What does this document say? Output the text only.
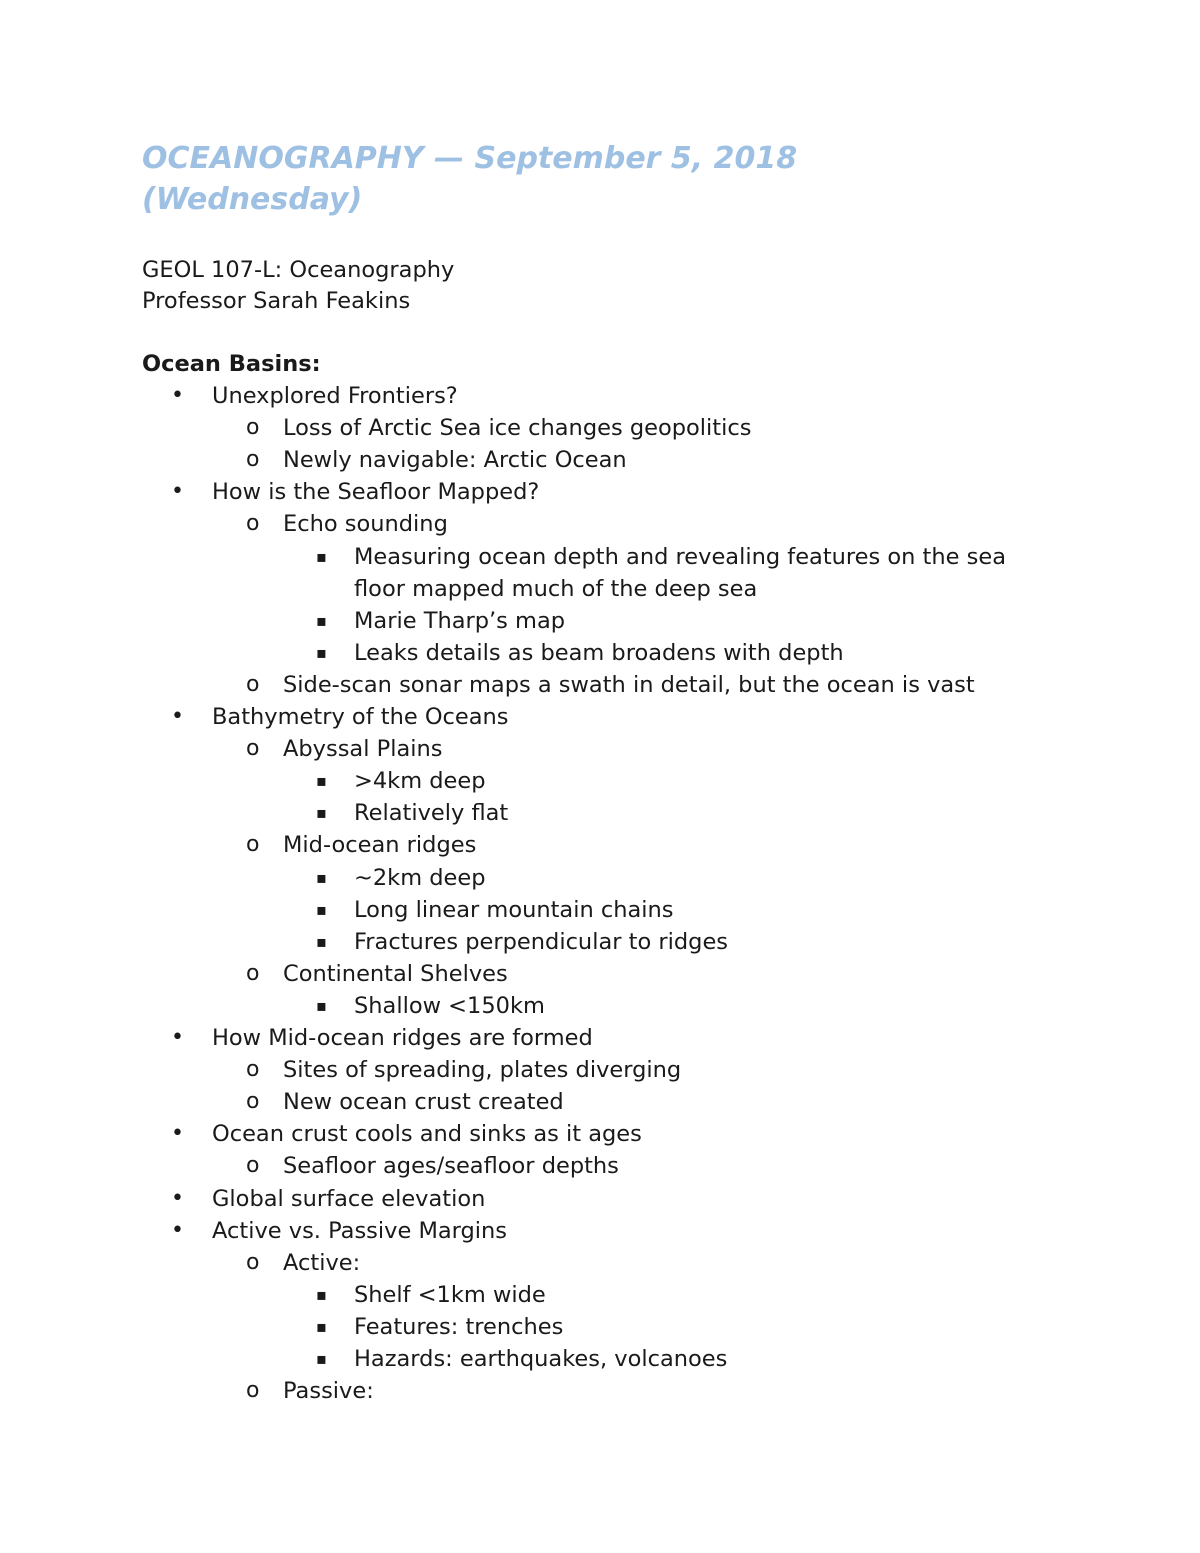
OCEANOGRAPHY — September 5, 2018
(Wednesday)
GEOL 107-L: Oceanography
Professor Sarah Feakins
Ocean Basins:
• Unexplored Frontiers?
o Loss of Arctic Sea ice changes geopolitics
o Newly navigable: Arctic Ocean
• How is the Seafloor Mapped?
o Echo sounding
▪ Measuring ocean depth and revealing features on the sea
floor mapped much of the deep sea
▪ Marie Tharp’s map
▪ Leaks details as beam broadens with depth
o Side-scan sonar maps a swath in detail, but the ocean is vast
• Bathymetry of the Oceans
o Abyssal Plains
▪ >4km deep
▪ Relatively flat
o Mid-ocean ridges
▪ ~2km deep
▪ Long linear mountain chains
▪ Fractures perpendicular to ridges
o Continental Shelves
▪ Shallow <150km
• How Mid-ocean ridges are formed
o Sites of spreading, plates diverging
o New ocean crust created
• Ocean crust cools and sinks as it ages
o Seafloor ages/seafloor depths
• Global surface elevation
• Active vs. Passive Margins
o Active:
▪ Shelf <1km wide
▪ Features: trenches
▪ Hazards: earthquakes, volcanoes
o Passive:
